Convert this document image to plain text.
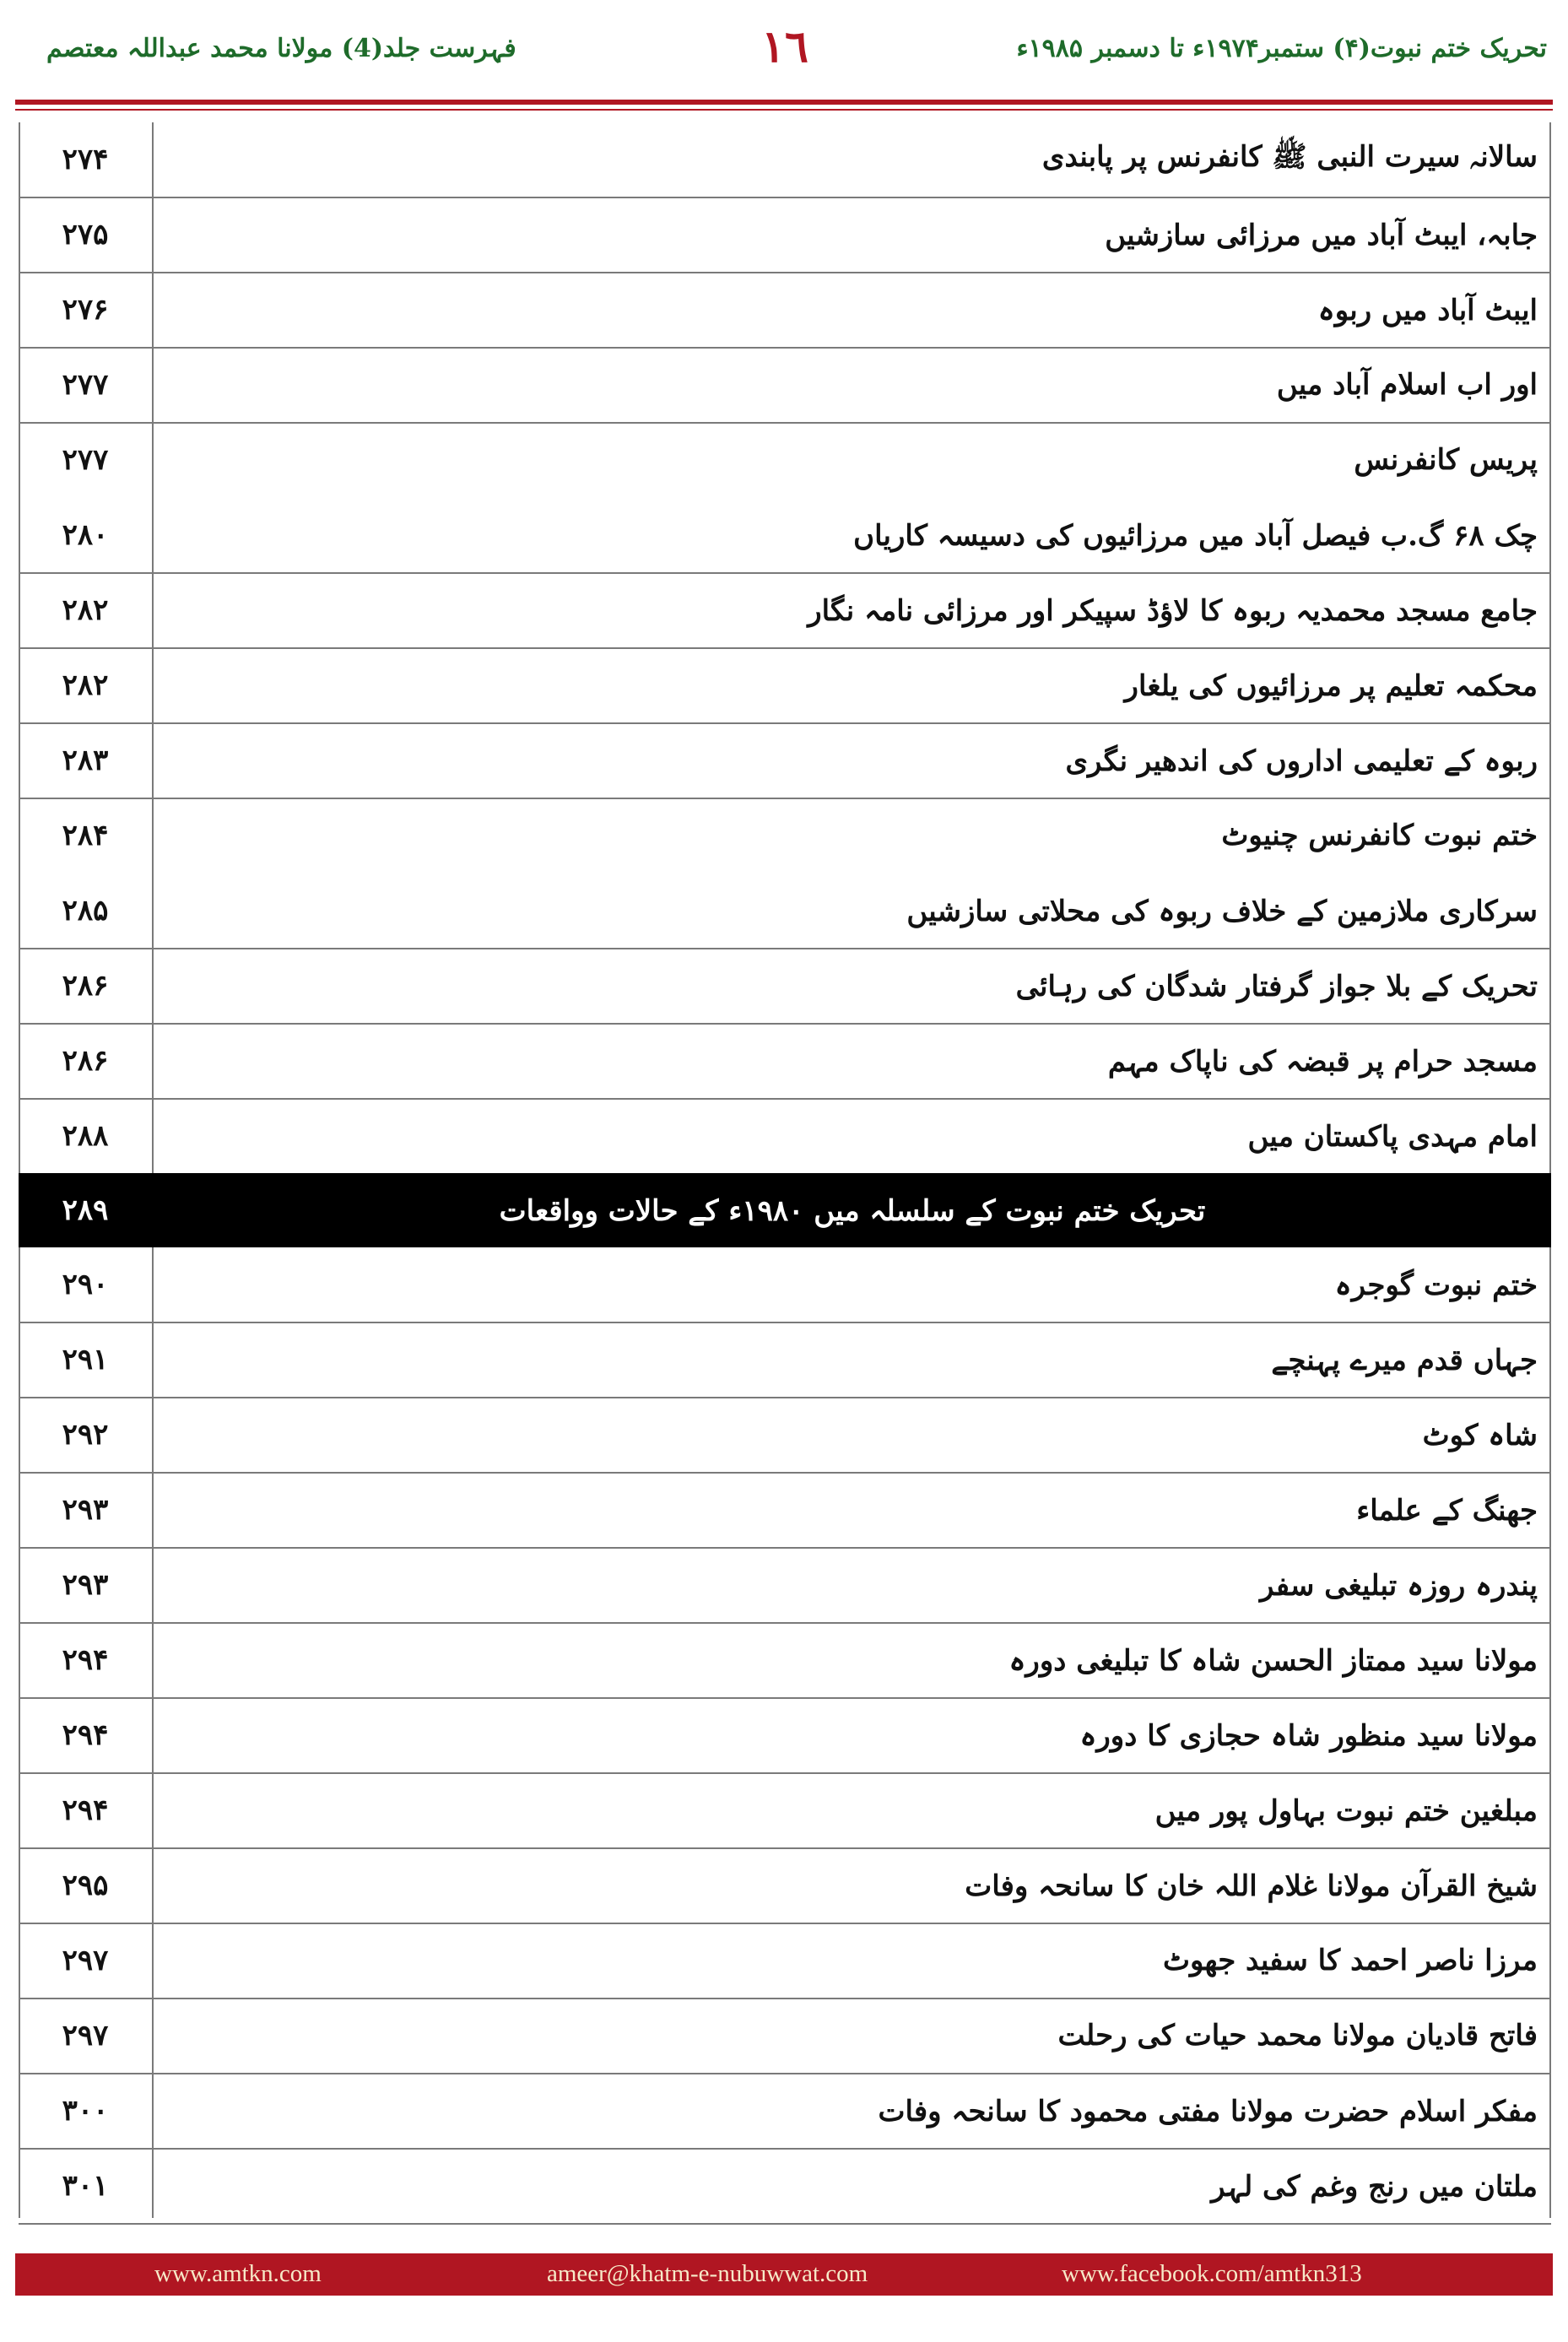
فہرست جلد(4) مولانا محمد عبداللہ معتصم	١٦	تحریک ختم نبوت(۴) ستمبر۱۹۷۴ء تا دسمبر ۱۹۸۵ء
۲۷۴	سالانہ سیرت النبی ﷺ کانفرنس پر پابندی
۲۷۵	جابہ، ایبٹ آباد میں مرزائی سازشیں
۲۷۶	ایبٹ آباد میں ربوہ
۲۷۷	اور اب اسلام آباد میں
۲۷۷	پریس کانفرنس
۲۸۰	چک ۶۸ گ.ب فیصل آباد میں مرزائیوں کی دسیسہ کاریاں
۲۸۲	جامع مسجد محمدیہ ربوہ کا لاؤڈ سپیکر اور مرزائی نامہ نگار
۲۸۲	محکمہ تعلیم پر مرزائیوں کی یلغار
۲۸۳	ربوہ کے تعلیمی اداروں کی اندھیر نگری
۲۸۴	ختم نبوت کانفرنس چنیوٹ
۲۸۵	سرکاری ملازمین کے خلاف ربوہ کی محلاتی سازشیں
۲۸۶	تحریک کے بلا جواز گرفتار شدگان کی رہائی
۲۸۶	مسجد حرام پر قبضہ کی ناپاک مہم
۲۸۸	امام مہدی پاکستان میں
۲۸۹	تحریک ختم نبوت کے سلسلہ میں ۱۹۸۰ء کے حالات وواقعات
۲۹۰	ختم نبوت گوجرہ
۲۹۱	جہاں قدم میرے پہنچے
۲۹۲	شاہ کوٹ
۲۹۳	جھنگ کے علماء
۲۹۳	پندرہ روزہ تبلیغی سفر
۲۹۴	مولانا سید ممتاز الحسن شاہ کا تبلیغی دورہ
۲۹۴	مولانا سید منظور شاہ حجازی کا دورہ
۲۹۴	مبلغین ختم نبوت بہاول پور میں
۲۹۵	شیخ القرآن مولانا غلام اللہ خان کا سانحہ وفات
۲۹۷	مرزا ناصر احمد کا سفید جھوٹ
۲۹۷	فاتح قادیان مولانا محمد حیات کی رحلت
۳۰۰	مفکر اسلام حضرت مولانا مفتی محمود کا سانحہ وفات
۳۰۱	ملتان میں رنج وغم کی لہر
www.amtkn.com	ameer@khatm-e-nubuwwat.com	www.facebook.com/amtkn313
